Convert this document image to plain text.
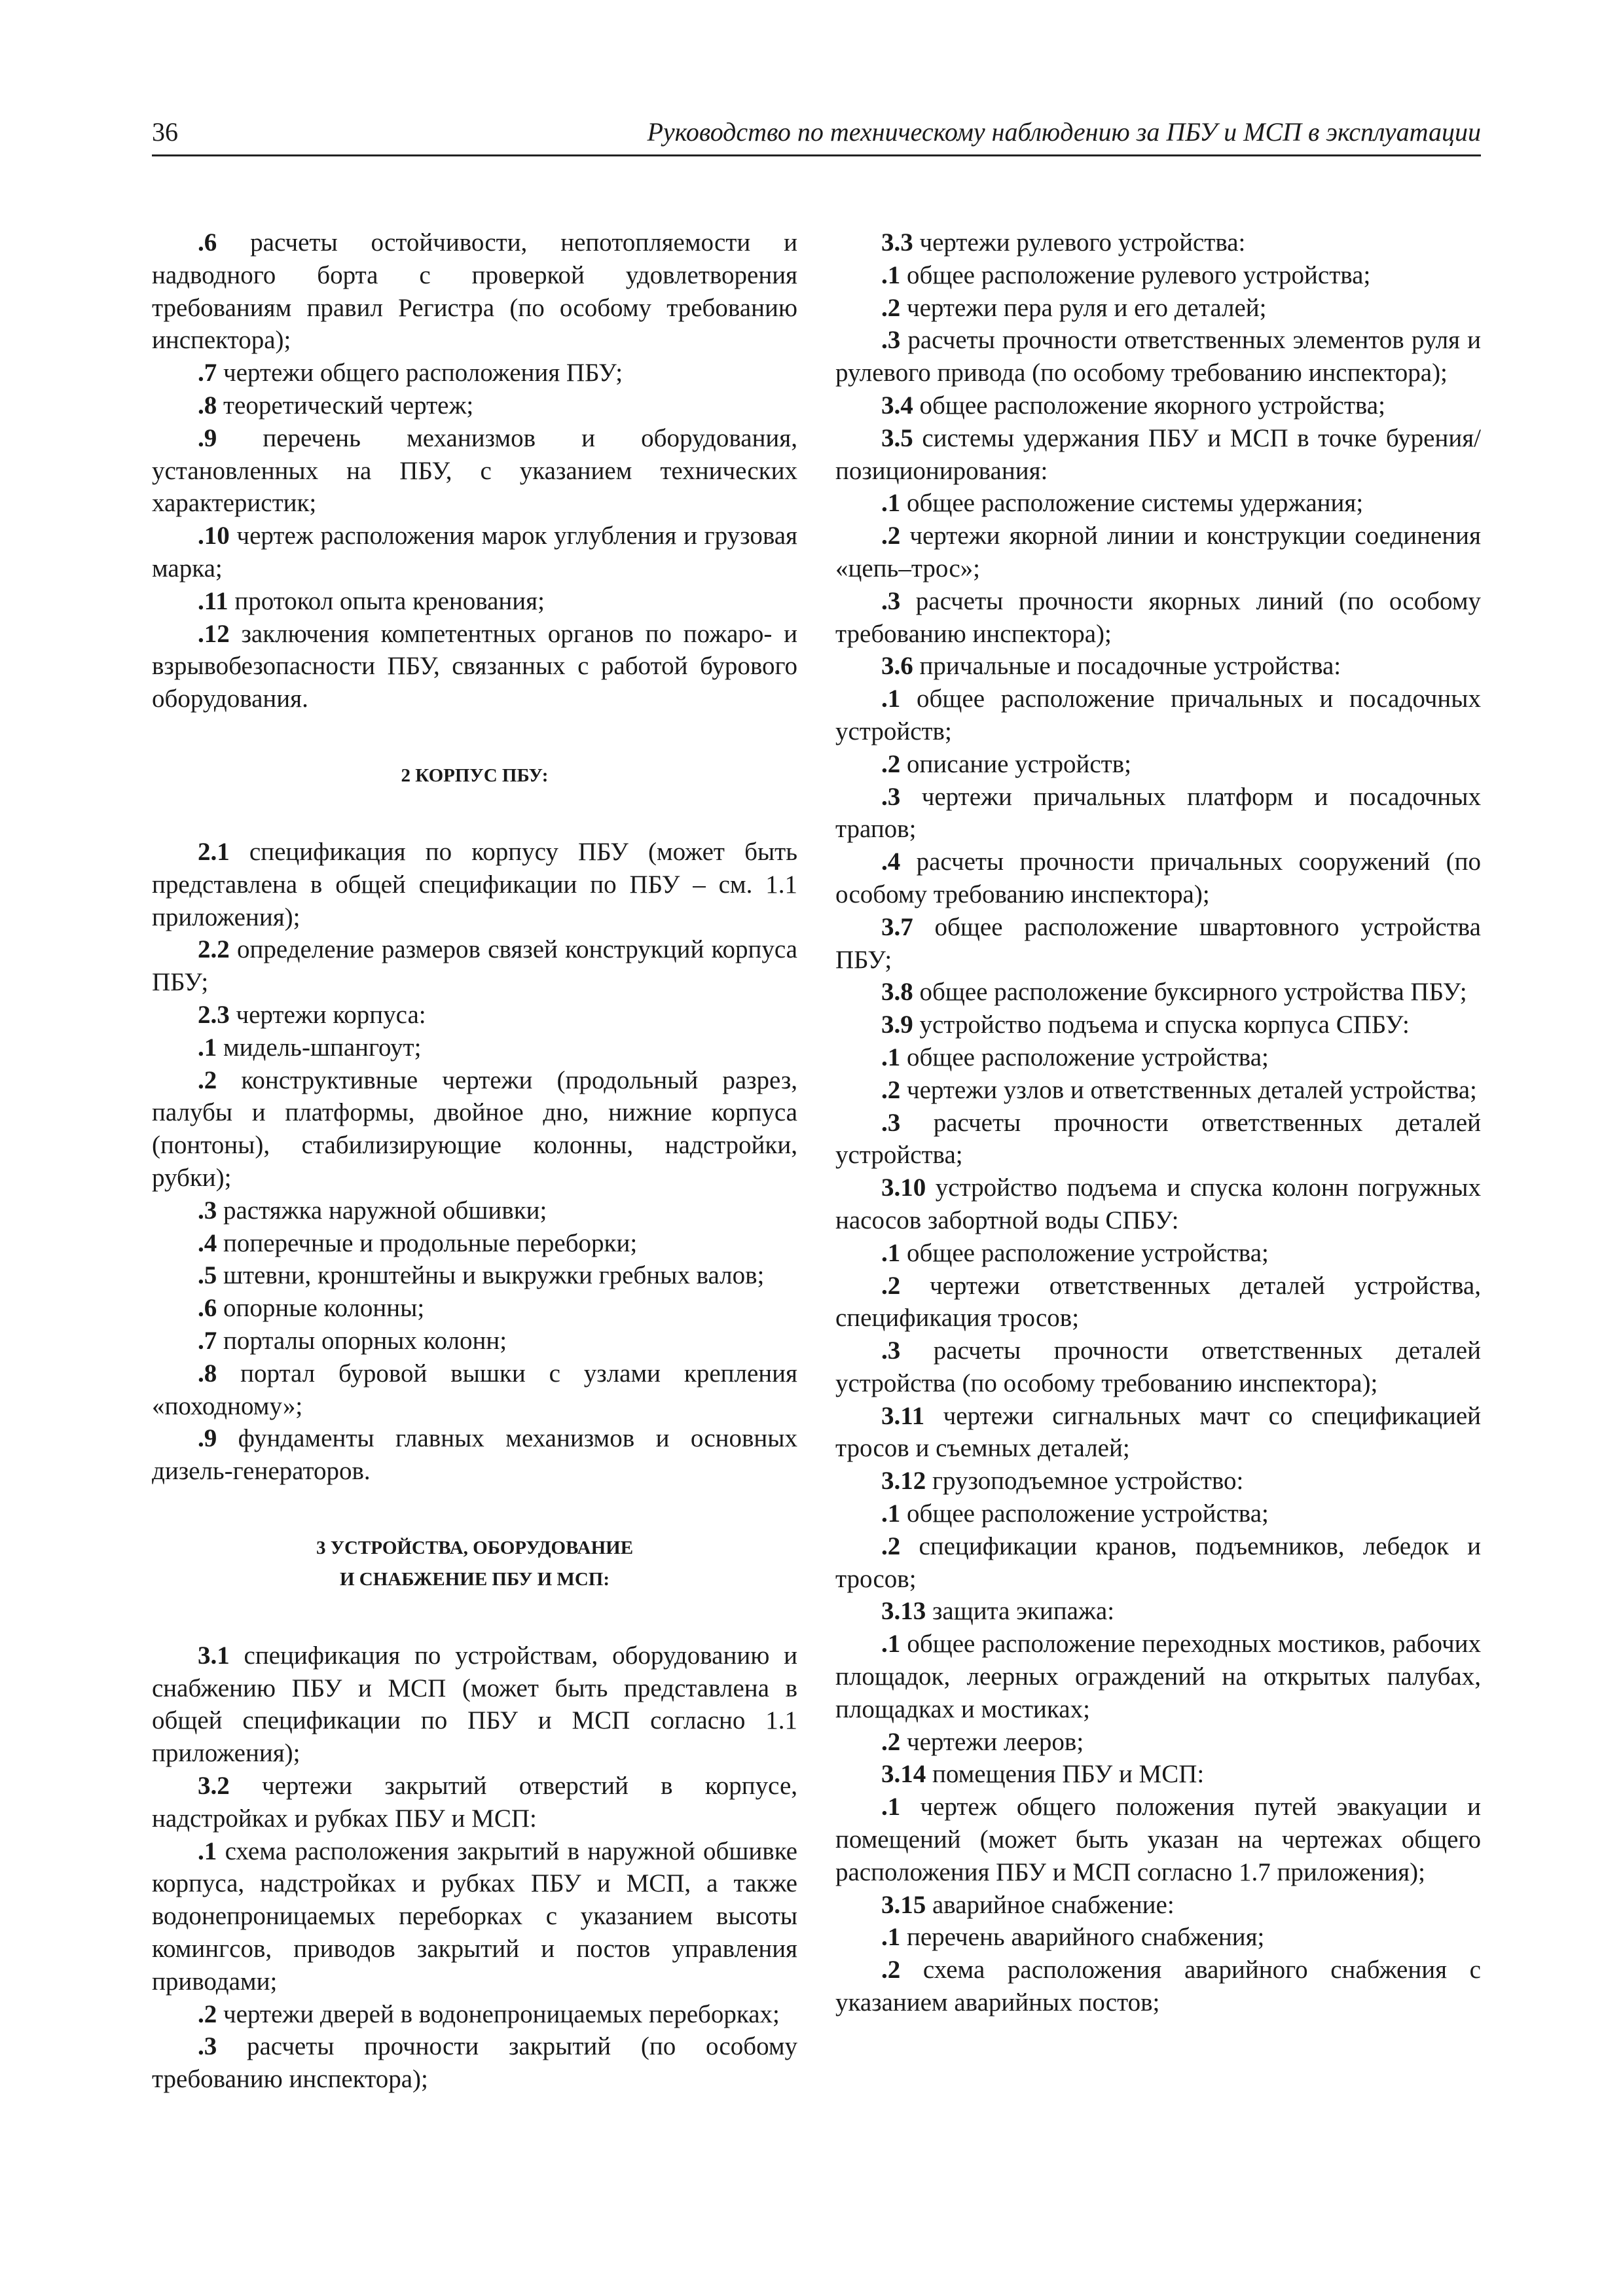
36	Руководство по техническому наблюдению за ПБУ и МСП в эксплуатации

.6 расчеты остойчивости, непотопляемости и надводного борта с проверкой удовлетворения требованиям правил Регистра (по особому требованию инспектора);

.7 чертежи общего расположения ПБУ;

.8 теоретический чертеж;

.9 перечень механизмов и оборудования, установленных на ПБУ, с указанием технических характеристик;

.10 чертеж расположения марок углубления и грузовая марка;

.11 протокол опыта кренования;

.12 заключения компетентных органов по пожаро- и взрывобезопасности ПБУ, связанных с работой бурового оборудования.

2 КОРПУС ПБУ:

2.1 спецификация по корпусу ПБУ (может быть представлена в общей спецификации по ПБУ – см. 1.1 приложения);

2.2 определение размеров связей конструкций корпуса ПБУ;

2.3 чертежи корпуса:

.1 мидель-шпангоут;

.2 конструктивные чертежи (продольный разрез, палубы и платформы, двойное дно, нижние корпуса (понтоны), стабилизирующие колонны, надстройки, рубки);

.3 растяжка наружной обшивки;

.4 поперечные и продольные переборки;

.5 штевни, кронштейны и выкружки гребных валов;

.6 опорные колонны;

.7 порталы опорных колонн;

.8 портал буровой вышки с узлами крепления «походному»;

.9 фундаменты главных механизмов и основных дизель-генераторов.

3 УСТРОЙСТВА, ОБОРУДОВАНИЕ
И СНАБЖЕНИЕ ПБУ И МСП:

3.1 спецификация по устройствам, оборудованию и снабжению ПБУ и МСП (может быть представлена в общей спецификации по ПБУ и МСП согласно 1.1 приложения);

3.2 чертежи закрытий отверстий в корпусе, надстройках и рубках ПБУ и МСП:

.1 схема расположения закрытий в наружной обшивке корпуса, надстройках и рубках ПБУ и МСП, а также водонепроницаемых переборках с указанием высоты комингсов, приводов закрытий и постов управления приводами;

.2 чертежи дверей в водонепроницаемых переборках;

.3 расчеты прочности закрытий (по особому требованию инспектора);

3.3 чертежи рулевого устройства:

.1 общее расположение рулевого устройства;

.2 чертежи пера руля и его деталей;

.3 расчеты прочности ответственных элементов руля и рулевого привода (по особому требованию инспектора);

3.4 общее расположение якорного устройства;

3.5 системы удержания ПБУ и МСП в точке бурения/позиционирования:

.1 общее расположение системы удержания;

.2 чертежи якорной линии и конструкции соединения «цепь–трос»;

.3 расчеты прочности якорных линий (по особому требованию инспектора);

3.6 причальные и посадочные устройства:

.1 общее расположение причальных и посадочных устройств;

.2 описание устройств;

.3 чертежи причальных платформ и посадочных трапов;

.4 расчеты прочности причальных сооружений (по особому требованию инспектора);

3.7 общее расположение швартовного устройства ПБУ;

3.8 общее расположение буксирного устройства ПБУ;

3.9 устройство подъема и спуска корпуса СПБУ:

.1 общее расположение устройства;

.2 чертежи узлов и ответственных деталей устройства;

.3 расчеты прочности ответственных деталей устройства;

3.10 устройство подъема и спуска колонн погружных насосов забортной воды СПБУ:

.1 общее расположение устройства;

.2 чертежи ответственных деталей устройства, спецификация тросов;

.3 расчеты прочности ответственных деталей устройства (по особому требованию инспектора);

3.11 чертежи сигнальных мачт со спецификацией тросов и съемных деталей;

3.12 грузоподъемное устройство:

.1 общее расположение устройства;

.2 спецификации кранов, подъемников, лебедок и тросов;

3.13 защита экипажа:

.1 общее расположение переходных мостиков, рабочих площадок, леерных ограждений на открытых палубах, площадках и мостиках;

.2 чертежи лееров;

3.14 помещения ПБУ и МСП:

.1 чертеж общего положения путей эвакуации и помещений (может быть указан на чертежах общего расположения ПБУ и МСП согласно 1.7 приложения);

3.15 аварийное снабжение:

.1 перечень аварийного снабжения;

.2 схема расположения аварийного снабжения с указанием аварийных постов;
